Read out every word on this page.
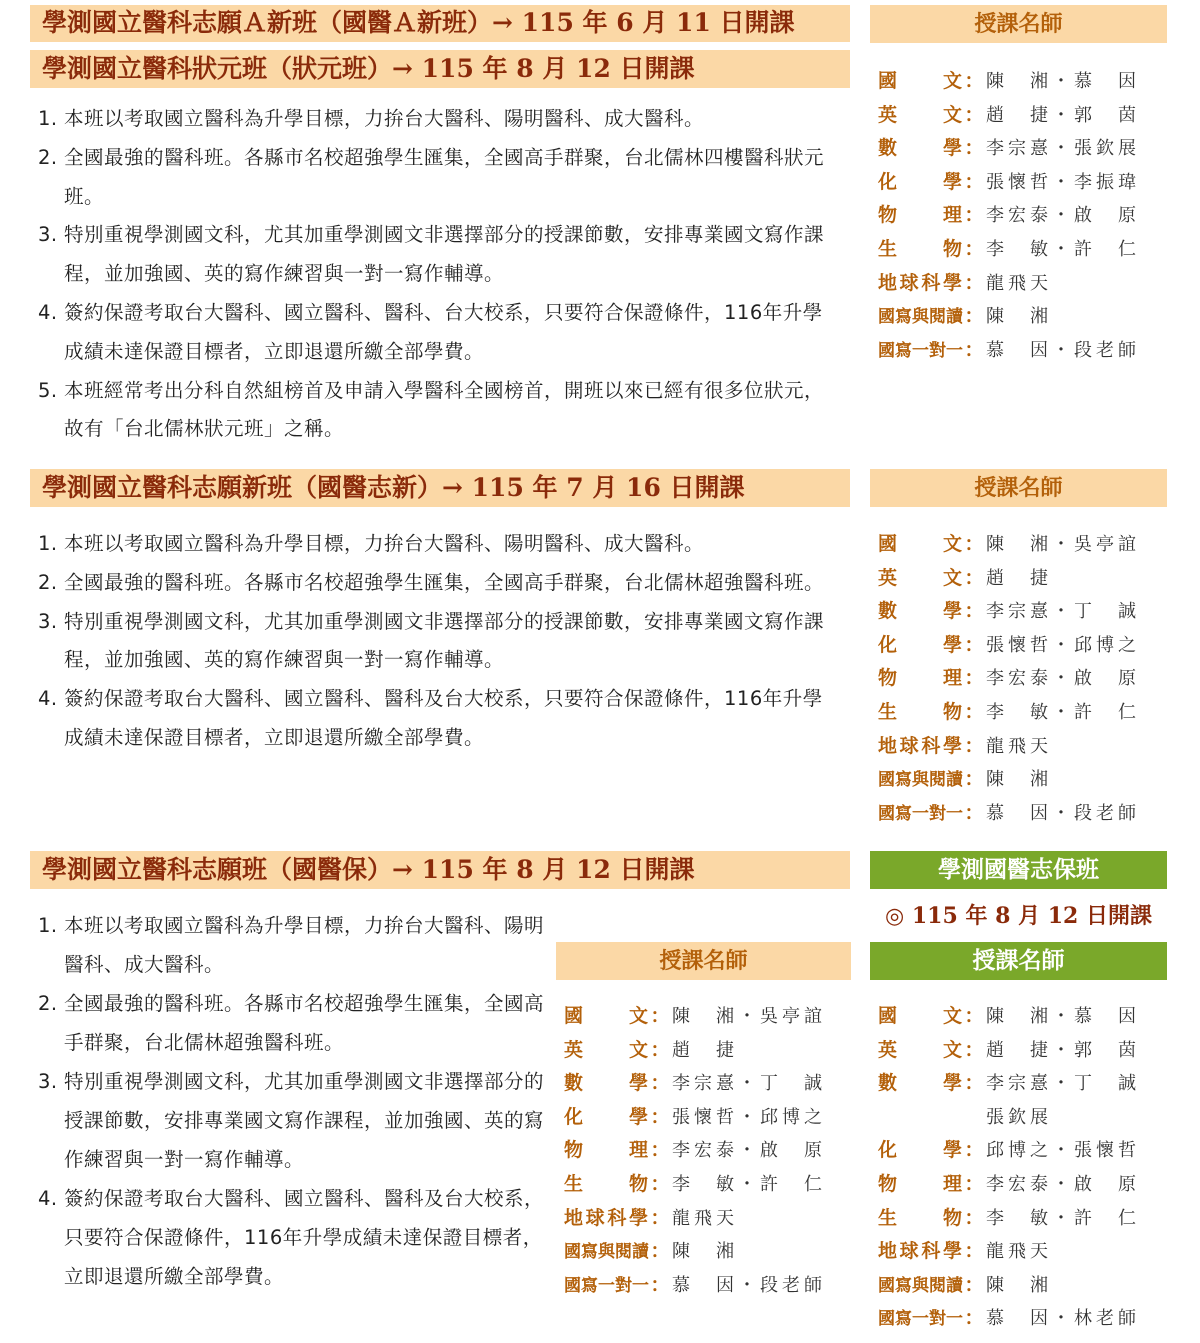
學測國立醫科志願Ａ新班（國醫Ａ新班）→ 115 年 6 月 11 日開課
學測國立醫科狀元班（狀元班）→ 115 年 8 月 12 日開課
1. 本班以考取國立醫科為升學目標，力拚台大醫科、陽明醫科、成大醫科。
2. 全國最強的醫科班。各縣市名校超強學生匯集，全國高手群聚，台北儒林四樓醫科狀元班。
3. 特別重視學測國文科，尤其加重學測國文非選擇部分的授課節數，安排專業國文寫作課程，並加強國、英的寫作練習與一對一寫作輔導。
4. 簽約保證考取台大醫科、國立醫科、醫科、台大校系，只要符合保證條件，116年升學成績未達保證目標者，立即退還所繳全部學費。
5. 本班經常考出分科自然組榜首及申請入學醫科全國榜首，開班以來已經有很多位狀元，故有「台北儒林狀元班」之稱。
授課名師
國　文 ： 陳　湘・慕　因
英　文 ： 趙　捷・郭　茵
數　學 ： 李宗憙・張欽展
化　學 ： 張懷哲・李振瑋
物　理 ： 李宏泰・啟　原
生　物 ： 李　敏・許　仁
地球科學 ： 龍飛天
國寫與閱讀 ： 陳　湘
國寫一對一 ： 慕　因・段老師
學測國立醫科志願新班（國醫志新）→ 115 年 7 月 16 日開課
1. 本班以考取國立醫科為升學目標，力拚台大醫科、陽明醫科、成大醫科。
2. 全國最強的醫科班。各縣市名校超強學生匯集，全國高手群聚，台北儒林超強醫科班。
3. 特別重視學測國文科，尤其加重學測國文非選擇部分的授課節數，安排專業國文寫作課程，並加強國、英的寫作練習與一對一寫作輔導。
4. 簽約保證考取台大醫科、國立醫科、醫科及台大校系，只要符合保證條件，116年升學成績未達保證目標者，立即退還所繳全部學費。
授課名師
國　文 ： 陳　湘・吳亭誼
英　文 ： 趙　捷
數　學 ： 李宗憙・丁　誠
化　學 ： 張懷哲・邱博之
物　理 ： 李宏泰・啟　原
生　物 ： 李　敏・許　仁
地球科學 ： 龍飛天
國寫與閱讀 ： 陳　湘
國寫一對一 ： 慕　因・段老師
學測國立醫科志願班（國醫保）→ 115 年 8 月 12 日開課
1. 本班以考取國立醫科為升學目標，力拚台大醫科、陽明醫科、成大醫科。
2. 全國最強的醫科班。各縣市名校超強學生匯集，全國高手群聚，台北儒林超強醫科班。
3. 特別重視學測國文科，尤其加重學測國文非選擇部分的授課節數，安排專業國文寫作課程，並加強國、英的寫作練習與一對一寫作輔導。
4. 簽約保證考取台大醫科、國立醫科、醫科及台大校系，只要符合保證條件，116年升學成績未達保證目標者，立即退還所繳全部學費。
授課名師
國　文 ： 陳　湘・吳亭誼
英　文 ： 趙　捷
數　學 ： 李宗憙・丁　誠
化　學 ： 張懷哲・邱博之
物　理 ： 李宏泰・啟　原
生　物 ： 李　敏・許　仁
地球科學 ： 龍飛天
國寫與閱讀 ： 陳　湘
國寫一對一 ： 慕　因・段老師
學測國醫志保班
◎ 115 年 8 月 12 日開課
授課名師
國　文 ： 陳　湘・慕　因
英　文 ： 趙　捷・郭　茵
數　學 ： 李宗憙・丁　誠
張欽展
化　學 ： 邱博之・張懷哲
物　理 ： 李宏泰・啟　原
生　物 ： 李　敏・許　仁
地球科學 ： 龍飛天
國寫與閱讀 ： 陳　湘
國寫一對一 ： 慕　因・林老師
